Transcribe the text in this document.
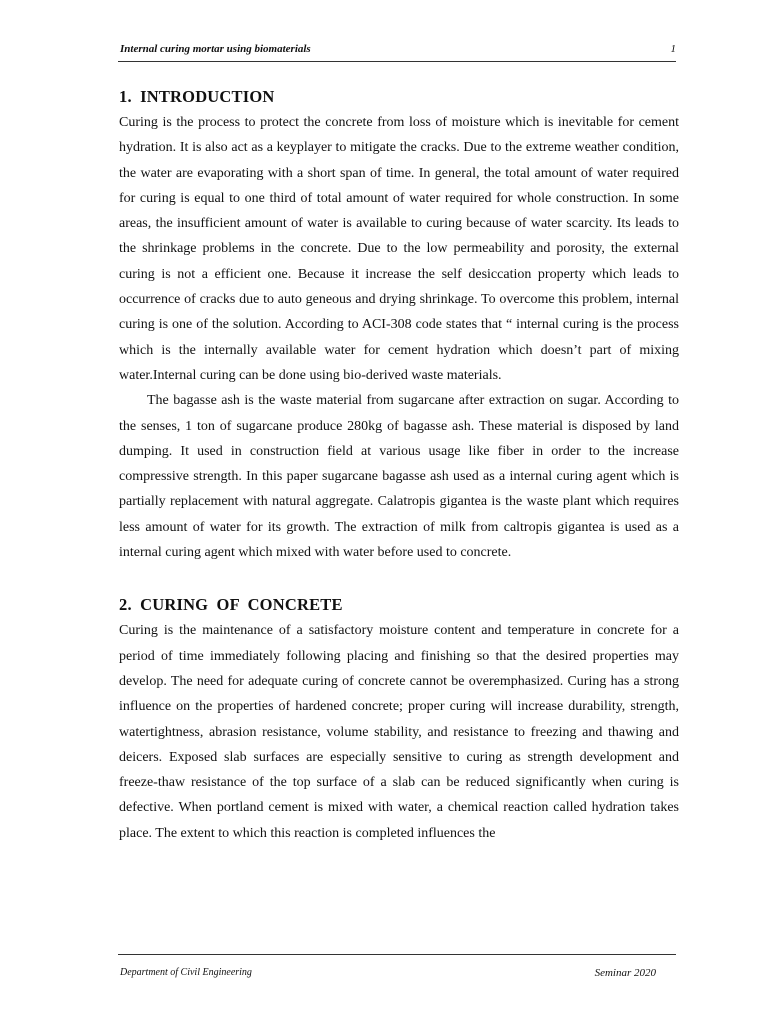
Internal curing mortar using biomaterials	1
1. INTRODUCTION

Curing is the process to protect the concrete from loss of moisture which is inevitable for cement hydration. It is also act as a keyplayer to mitigate the cracks. Due to the extreme weather condition, the water are evaporating with a short span of time. In general, the total amount of water required for curing is equal to one third of total amount of water required for whole construction. In some areas, the insufficient amount of water is available to curing because of water scarcity. Its leads to the shrinkage problems in the concrete. Due to the low permeability and porosity, the external curing is not a efficient one. Because it increase the self desiccation property which leads to occurrence of cracks due to auto geneous and drying shrinkage. To overcome this problem, internal curing is one of the solution. According to ACI-308 code states that “ internal curing is the process which is the internally available water for cement hydration which doesn’t part of mixing water.Internal curing can be done using bio-derived waste materials.

The bagasse ash is the waste material from sugarcane after extraction on sugar. According to the senses, 1 ton of sugarcane produce 280kg of bagasse ash. These material is disposed by land dumping. It used in construction field at various usage like fiber in order to the increase compressive strength. In this paper sugarcane bagasse ash used as a internal curing agent which is partially replacement with natural aggregate. Calatropis gigantea is the waste plant which requires less amount of water for its growth. The extraction of milk from caltropis gigantea is used as a internal curing agent which mixed with water before used to concrete.

2. CURING OF CONCRETE

Curing is the maintenance of a satisfactory moisture content and temperature in concrete for a period of time immediately following placing and finishing so that the desired properties may develop. The need for adequate curing of concrete cannot be overemphasized. Curing has a strong influence on the properties of hardened concrete; proper curing will increase durability, strength, watertightness, abrasion resistance, volume stability, and resistance to freezing and thawing and deicers. Exposed slab surfaces are especially sensitive to curing as strength development and freeze-thaw resistance of the top surface of a slab can be reduced significantly when curing is defective. When portland cement is mixed with water, a chemical reaction called hydration takes place. The extent to which this reaction is completed influences the

Department of Civil Engineering	Seminar 2020
